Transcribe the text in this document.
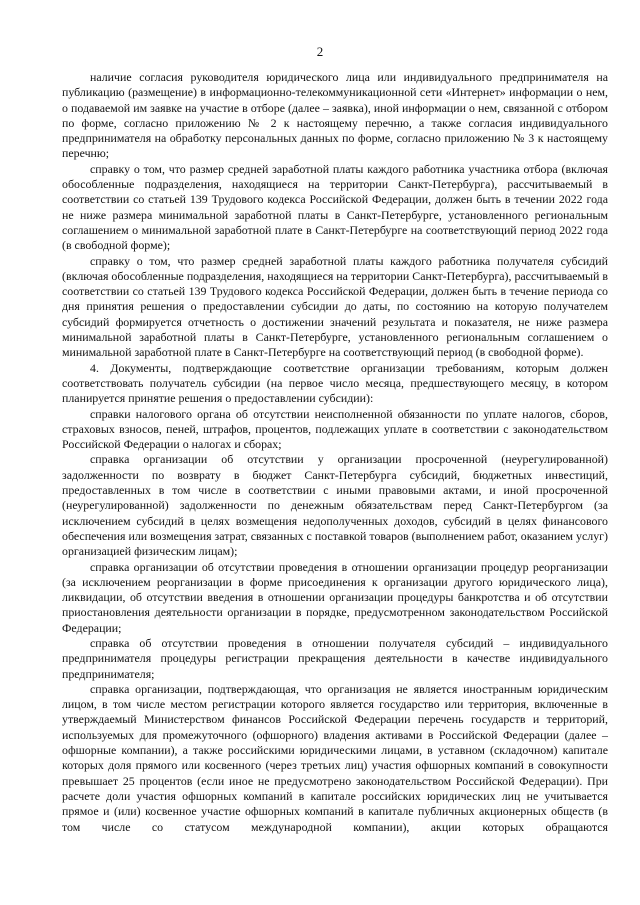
2

наличие согласия руководителя юридического лица или индивидуального предпринимателя на публикацию (размещение) в информационно-телекоммуникационной сети «Интернет» информации о нем, о подаваемой им заявке на участие в отборе (далее – заявка), иной информации о нем, связанной с отбором по форме, согласно приложению № 2 к настоящему перечню, а также согласия индивидуального предпринимателя на обработку персональных данных по форме, согласно приложению № 3 к настоящему перечню;

справку о том, что размер средней заработной платы каждого работника участника отбора (включая обособленные подразделения, находящиеся на территории Санкт-Петербурга), рассчитываемый в соответствии со статьей 139 Трудового кодекса Российской Федерации, должен быть в течении 2022 года не ниже размера минимальной заработной платы в Санкт-Петербурге, установленного региональным соглашением о минимальной заработной плате в Санкт-Петербурге на соответствующий период 2022 года (в свободной форме);

справку о том, что размер средней заработной платы каждого работника получателя субсидий (включая обособленные подразделения, находящиеся на территории Санкт-Петербурга), рассчитываемый в соответствии со статьей 139 Трудового кодекса Российской Федерации, должен быть в течение периода со дня принятия решения о предоставлении субсидии до даты, по состоянию на которую получателем субсидий формируется отчетность о достижении значений результата и показателя, не ниже размера минимальной заработной платы в Санкт-Петербурге, установленного региональным соглашением о минимальной заработной плате в Санкт-Петербурге на соответствующий период (в свободной форме).

4. Документы, подтверждающие соответствие организации требованиям, которым должен соответствовать получатель субсидии (на первое число месяца, предшествующего месяцу, в котором планируется принятие решения о предоставлении субсидии):

справки налогового органа об отсутствии неисполненной обязанности по уплате налогов, сборов, страховых взносов, пеней, штрафов, процентов, подлежащих уплате в соответствии с законодательством Российской Федерации о налогах и сборах;

справка организации об отсутствии у организации просроченной (неурегулированной) задолженности по возврату в бюджет Санкт-Петербурга субсидий, бюджетных инвестиций, предоставленных в том числе в соответствии с иными правовыми актами, и иной просроченной (неурегулированной) задолженности по денежным обязательствам перед Санкт-Петербургом (за исключением субсидий в целях возмещения недополученных доходов, субсидий в целях финансового обеспечения или возмещения затрат, связанных с поставкой товаров (выполнением работ, оказанием услуг) организацией физическим лицам);

справка организации об отсутствии проведения в отношении организации процедур реорганизации (за исключением реорганизации в форме присоединения к организации другого юридического лица), ликвидации, об отсутствии введения в отношении организации процедуры банкротства и об отсутствии приостановления деятельности организации в порядке, предусмотренном законодательством Российской Федерации;

справка об отсутствии проведения в отношении получателя субсидий – индивидуального предпринимателя процедуры регистрации прекращения деятельности в качестве индивидуального предпринимателя;

справка организации, подтверждающая, что организация не является иностранным юридическим лицом, в том числе местом регистрации которого является государство или территория, включенные в утверждаемый Министерством финансов Российской Федерации перечень государств и территорий, используемых для промежуточного (офшорного) владения активами в Российской Федерации (далее – офшорные компании), а также российскими юридическими лицами, в уставном (складочном) капитале которых доля прямого или косвенного (через третьих лиц) участия офшорных компаний в совокупности превышает 25 процентов (если иное не предусмотрено законодательством Российской Федерации). При расчете доли участия офшорных компаний в капитале российских юридических лиц не учитывается прямое и (или) косвенное участие офшорных компаний в капитале публичных акционерных обществ (в том числе со статусом международной компании), акции которых обращаются
